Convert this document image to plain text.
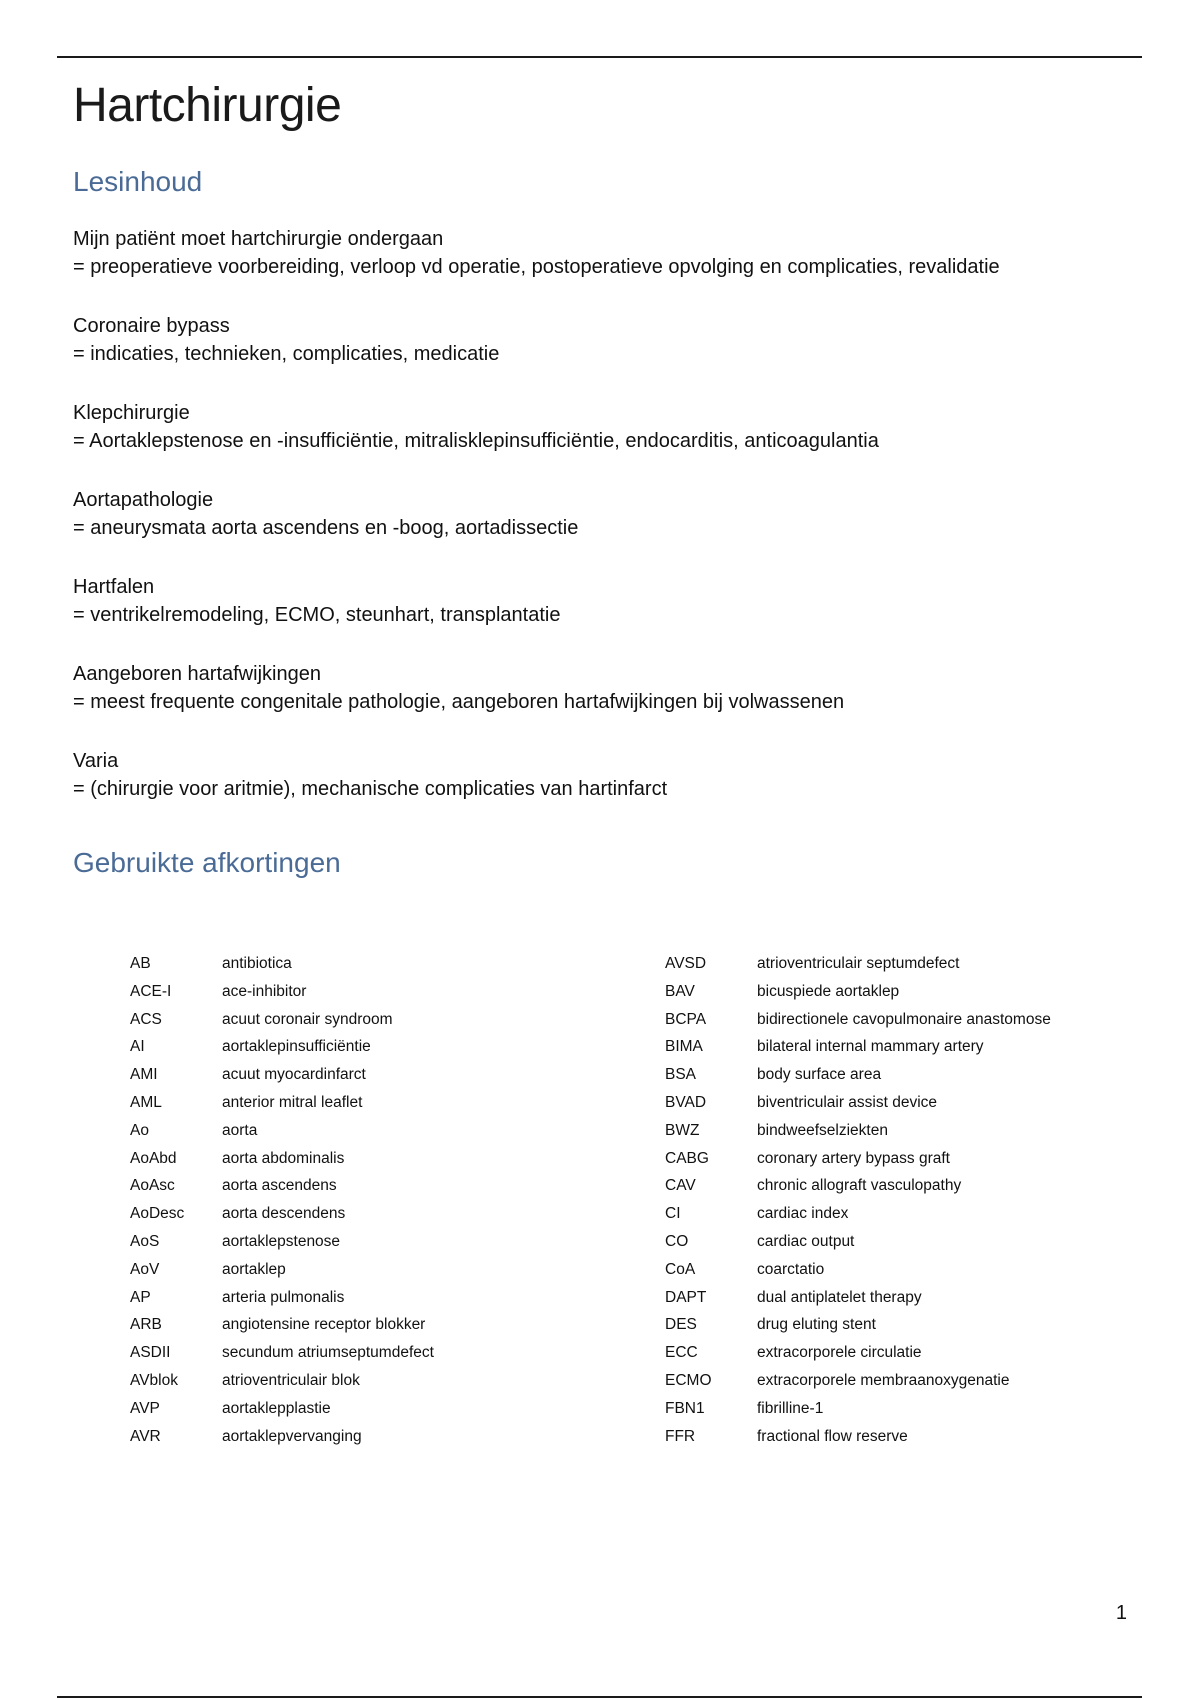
Hartchirurgie
Lesinhoud
Mijn patiënt moet hartchirurgie ondergaan
= preoperatieve voorbereiding, verloop vd operatie, postoperatieve opvolging en complicaties, revalidatie
Coronaire bypass
= indicaties, technieken, complicaties, medicatie
Klepchirurgie
= Aortaklepstenose en -insufficiëntie, mitralisklepinsufficiëntie, endocarditis, anticoagulantia
Aortapathologie
= aneurysmata aorta ascendens en -boog, aortadissectie
Hartfalen
= ventrikelremodeling, ECMO, steunhart, transplantatie
Aangeboren hartafwijkingen
= meest frequente congenitale pathologie, aangeboren hartafwijkingen bij volwassenen
Varia
= (chirurgie voor aritmie), mechanische complicaties van hartinfarct
Gebruikte afkortingen
AB	antibiotica
ACE-I	ace-inhibitor
ACS	acuut coronair syndroom
AI	aortaklepinsufficiëntie
AMI	acuut myocardinfarct
AML	anterior mitral leaflet
Ao	aorta
AoAbd	aorta abdominalis
AoAsc	aorta ascendens
AoDesc	aorta descendens
AoS	aortaklepstenose
AoV	aortaklep
AP	arteria pulmonalis
ARB	angiotensine receptor blokker
ASDII	secundum atriumseptumdefect
AVblok	atrioventriculair blok
AVP	aortaklepplastie
AVR	aortaklepvervanging
AVSD	atrioventriculair septumdefect
BAV	bicuspiede aortaklep
BCPA	bidirectionele cavopulmonaire anastomose
BIMA	bilateral internal mammary artery
BSA	body surface area
BVAD	biventriculair assist device
BWZ	bindweefselziekten
CABG	coronary artery bypass graft
CAV	chronic allograft vasculopathy
CI	cardiac index
CO	cardiac output
CoA	coarctatio
DAPT	dual antiplatelet therapy
DES	drug eluting stent
ECC	extracorporele circulatie
ECMO	extracorporele membraanoxygenatie
FBN1	fibrilline-1
FFR	fractional flow reserve
1
